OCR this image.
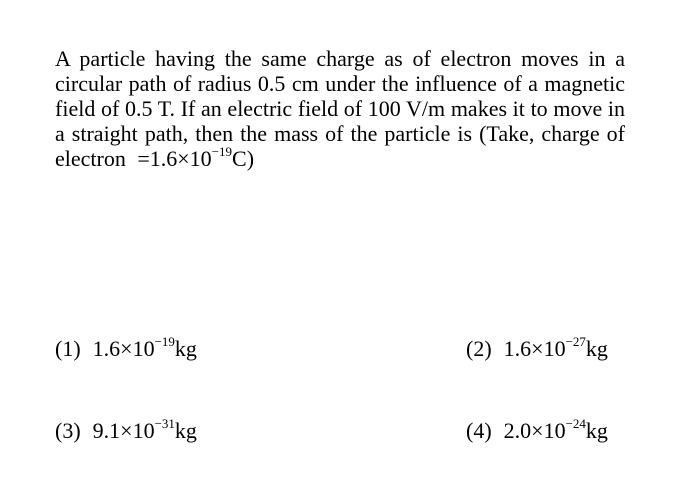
A particle having the same charge as of electron moves in a
circular path of radius 0.5 cm under the influence of a magnetic
field of 0.5 T. If an electric field of 100 V/m makes it to move in
a straight path, then the mass of the particle is (Take, charge of
electron $=1.6\times 10^{-19}C$)
(1) $1.6\times 10^{-19}kg$	(2) $1.6\times 10^{-27}kg$
(3) $9.1\times 10^{-31}kg$	(4) $2.0\times 10^{-24}kg$
